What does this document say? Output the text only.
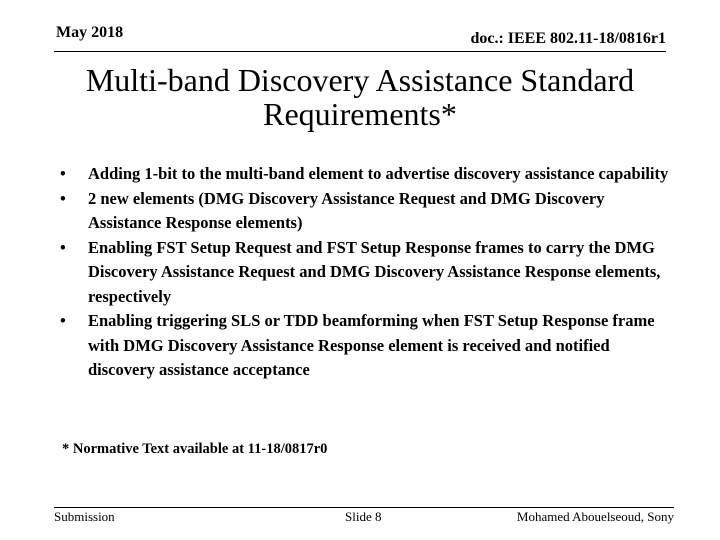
May 2018	doc.: IEEE 802.11-18/0816r1
Multi-band Discovery Assistance Standard Requirements*
• Adding 1-bit to the multi-band element to advertise discovery assistance capability
• 2 new elements (DMG Discovery Assistance Request and DMG Discovery Assistance Response elements)
• Enabling FST Setup Request and FST Setup Response frames to carry the DMG Discovery Assistance Request and DMG Discovery Assistance Response elements, respectively
• Enabling triggering SLS or TDD beamforming when FST Setup Response frame with DMG Discovery Assistance Response element is received and notified discovery assistance acceptance
* Normative Text available at 11-18/0817r0
Submission	Slide 8	Mohamed Abouelseoud, Sony
